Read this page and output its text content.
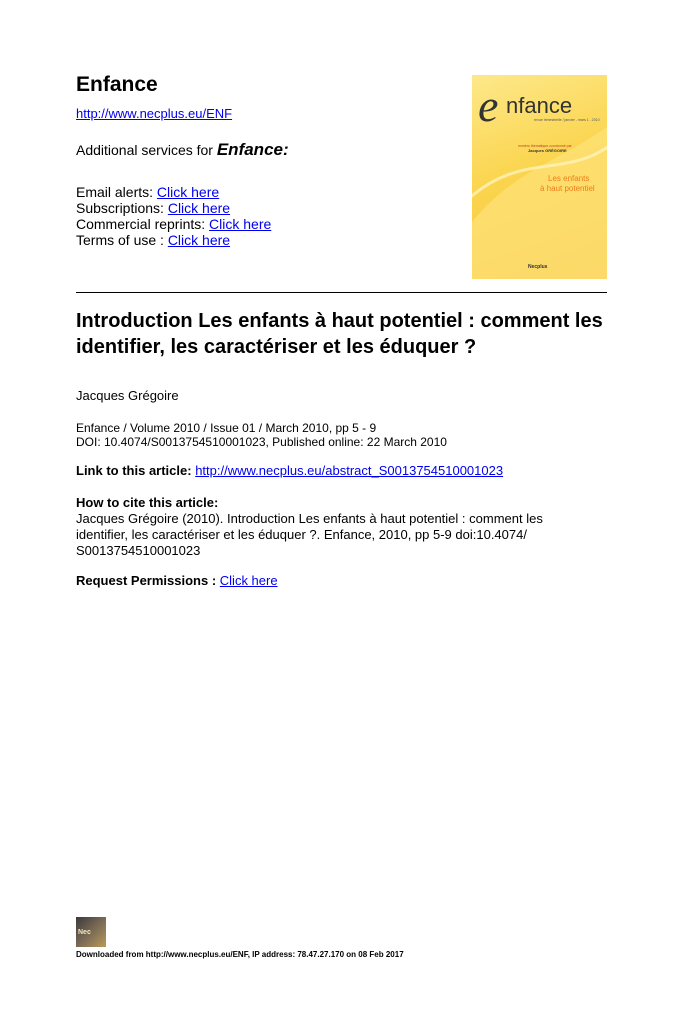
Enfance
http://www.necplus.eu/ENF
Additional services for Enfance:
Email alerts: Click here
Subscriptions: Click here
Commercial reprints: Click here
Terms of use : Click here
e nfance
revue trimestrielle / janvier - mars 1 - 2010
numéro thématique coordonné par
Jacques GRÉGOIRE
Les enfants
à haut potentiel
Necplus
Introduction Les enfants à haut potentiel : comment les identifier, les caractériser et les éduquer ?
Jacques Grégoire
Enfance / Volume 2010 / Issue 01 / March 2010, pp 5 - 9
DOI: 10.4074/S0013754510001023, Published online: 22 March 2010
Link to this article: http://www.necplus.eu/abstract_S0013754510001023
How to cite this article:
Jacques Grégoire (2010). Introduction Les enfants à haut potentiel : comment les identifier, les caractériser et les éduquer ?. Enfance, 2010, pp 5-9 doi:10.4074/ S0013754510001023
Request Permissions : Click here
Nec
Downloaded from http://www.necplus.eu/ENF, IP address: 78.47.27.170 on 08 Feb 2017
